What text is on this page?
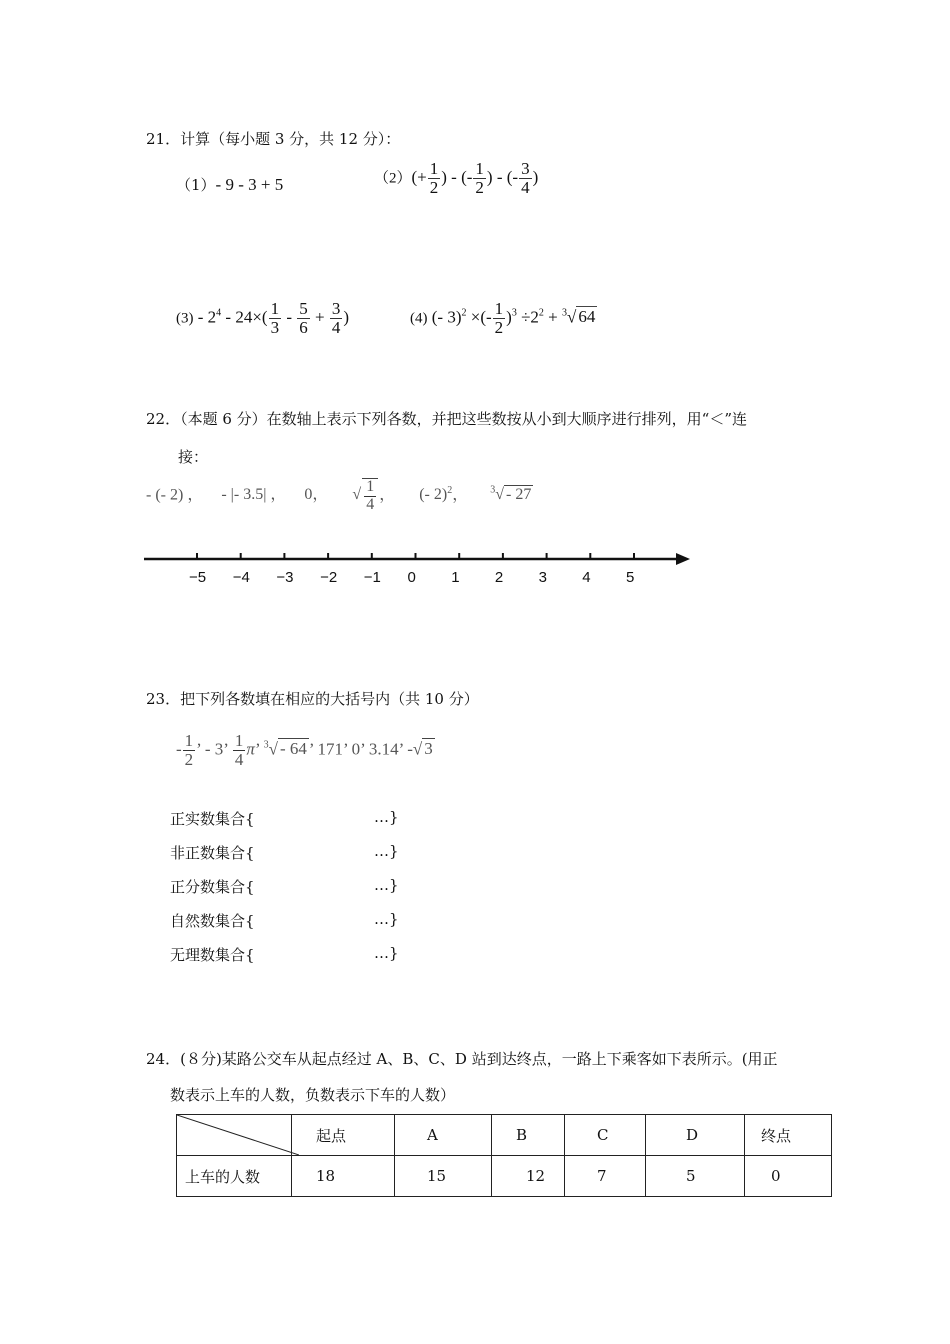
21．计算（每小题 3 分，共 12 分）：
（1）- 9 - 3 + 5	$(2)(+ \frac{1}{2}$ ) - (- $\frac{1}{2}$ ) - (- $\frac{3}{4}$ )
$(3) - 2^4 - 24\times( \frac{1}{3} - \frac{5}{6} + \frac{3}{4}$ )	(4) (- 3)$^2$ ×(- $\frac{1}{2} )^3 \div 2^2 + ^3√$ 64
22．（本题 6 分）在数轴上表示下列各数，并把这些数按从小到大顺序进行排列，用“＜”连
接：
- (- 2) ， - |- 3.5| ， 0， √ $\frac{1}{4}$ ， (- 2)$^2$， $^3$√ - 27
−5 −4 −3 −2 −1 0 1 2 3 4 5
23．把下列各数填在相应的大括号内（共 10 分）
- $\frac{1}{2}$ ’ - 3’ $\frac{1}{4} \pi$’ $^3$√ - 64 ’ 171’ 0’ 3.14’ -√ 3
正实数集合{	…}
非正数集合{	…}
正分数集合{	…}
自然数集合{	…}
无理数集合{	…}
24．(８分)某路公交车从起点经过 A、B、C、D 站到达终点，一路上下乘客如下表所示。(用正
数表示上车的人数，负数表示下车的人数）
	起点	A	B	C	D	终点
上车的人数	18	15	12	7	5	0
